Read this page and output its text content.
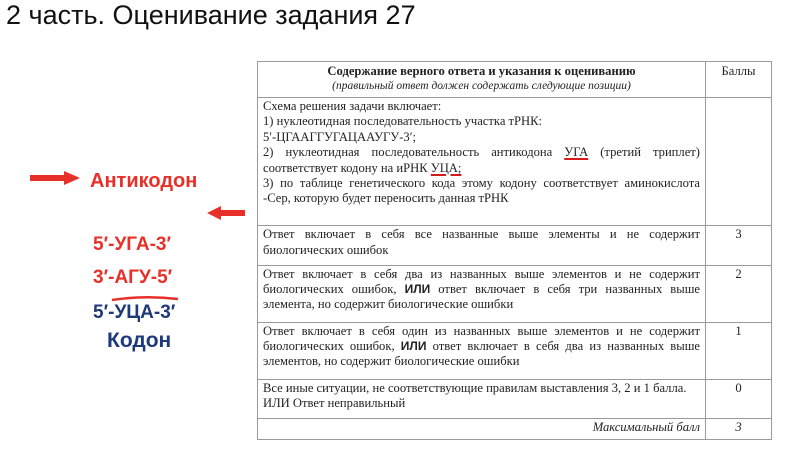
2 часть. Оценивание задания 27
Антикодон
5′-УГА-3′
3′-АГУ-5′
5′-УЦА-3′
Кодон
Содержание верного ответа и указания к оцениванию
(правильный ответ должен содержать следующие позиции)	Баллы

Схема решения задачи включает:
1) нуклеотидная последовательность участка тРНК:
5′-ЦГААГГУГАЦААУГУ-3′;
2) нуклеотидная последовательность антикодона УГА (третий триплет) соответствует кодону на иРНК УЦА;
3) по таблице генетического кода этому кодону соответствует аминокислота -Сер, которую будет переносить данная тРНК	

Ответ включает в себя все названные выше элементы и не содержит биологических ошибок	3
Ответ включает в себя два из названных выше элементов и не содержит биологических ошибок, ИЛИ ответ включает в себя три названных выше элемента, но содержит биологические ошибки	2
Ответ включает в себя один из названных выше элементов и не содержит биологических ошибок, ИЛИ ответ включает в себя два из названных выше элементов, но содержит биологические ошибки	1

Все иные ситуации, не соответствующие правилам выставления 3, 2 и 1 балла.
ИЛИ Ответ неправильный	0
Максимальный балл	3
